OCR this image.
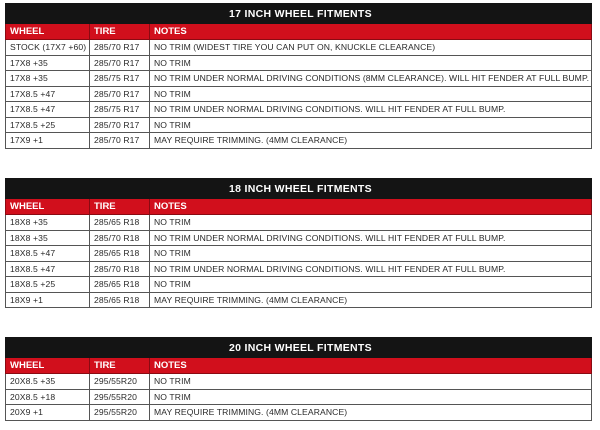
17 INCH WHEEL FITMENTS		
WHEEL	TIRE	NOTES
STOCK (17X7 +60)	285/70 R17	NO TRIM (WIDEST TIRE YOU CAN PUT ON, KNUCKLE CLEARANCE)
17X8 +35	285/70 R17	NO TRIM
17X8 +35	285/75 R17	NO TRIM UNDER NORMAL DRIVING CONDITIONS (8MM CLEARANCE). WILL HIT FENDER AT FULL BUMP.
17X8.5 +47	285/70 R17	NO TRIM
17X8.5 +47	285/75 R17	NO TRIM UNDER NORMAL DRIVING CONDITIONS. WILL HIT FENDER AT FULL BUMP.
17X8.5 +25	285/70 R17	NO TRIM
17X9 +1	285/70 R17	MAY REQUIRE TRIMMING. (4MM CLEARANCE)
18 INCH WHEEL FITMENTS		
WHEEL	TIRE	NOTES
18X8 +35	285/65 R18	NO TRIM
18X8 +35	285/70 R18	NO TRIM UNDER NORMAL DRIVING CONDITIONS. WILL HIT FENDER AT FULL BUMP.
18X8.5 +47	285/65 R18	NO TRIM
18X8.5 +47	285/70 R18	NO TRIM UNDER NORMAL DRIVING CONDITIONS. WILL HIT FENDER AT FULL BUMP.
18X8.5 +25	285/65 R18	NO TRIM
18X9 +1	285/65 R18	MAY REQUIRE TRIMMING. (4MM CLEARANCE)
20 INCH WHEEL FITMENTS		
WHEEL	TIRE	NOTES
20X8.5 +35	295/55R20	NO TRIM
20X8.5 +18	295/55R20	NO TRIM
20X9 +1	295/55R20	MAY REQUIRE TRIMMING. (4MM CLEARANCE)
